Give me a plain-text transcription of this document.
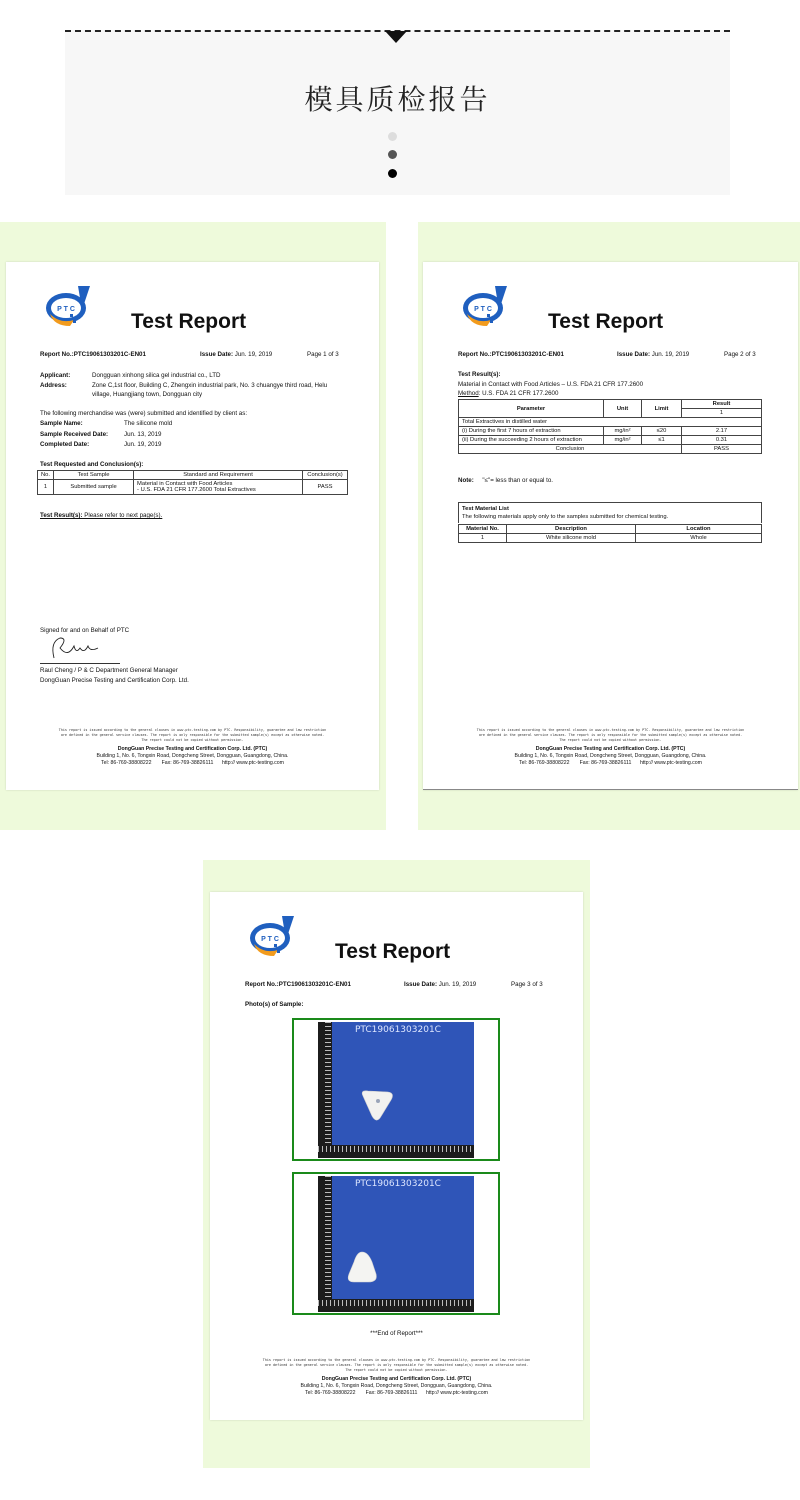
模具质检报告
P T C
Test Report
Report No.:PTC19061303201C-EN01	Issue Date: Jun. 19, 2019	Page 1 of 3
Applicant:	Dongguan xinhong silica gel industrial co., LTD
Address:	Zone C,1st floor, Building C, Zhengxin industrial park, No. 3 chuangye third road, Helu
village, Huangjiang town, Dongguan city
The following merchandise was (were) submitted and identified by client as:
Sample Name:	The silicone mold
Sample Received Date:	Jun. 13, 2019
Completed Date:	Jun. 19, 2019
Test Requested and Conclusion(s):
No.	Test Sample	Standard and Requirement	Conclusion(s)
1	Submitted sample	Material in Contact with Food Articles
- U.S. FDA 21 CFR 177.2600 Total Extractives	PASS
Test Result(s): Please refer to next page(s).
Signed for and on Behalf of PTC
Raul Cheng / P & C Department General Manager
DongGuan Precise Testing and Certification Corp. Ltd.
This report is issued according to the general clauses in www.ptc-testing.com by PTC. Responsibility, guarantee and law restriction
are defined in the general service clauses. The report is only responsible for the submitted sample(s) except as otherwise noted.
The report could not be copied without permission.
DongGuan Precise Testing and Certification Corp. Ltd. (PTC)
Building 1, No. 6, Tongxin Road, Dongcheng Street, Dongguan, Guangdong, China.
Tel: 86-769-38808222 Fax: 86-769-38826111 http:// www.ptc-testing.com
P T C
Test Report
Report No.:PTC19061303201C-EN01	Issue Date: Jun. 19, 2019	Page 2 of 3
Test Result(s):
Material in Contact with Food Articles – U.S. FDA 21 CFR 177.2600
Method: U.S. FDA 21 CFR 177.2600
Parameter	Unit	Limit	Result
			1
Total Extractives in distilled water			
(i) During the first 7 hours of extraction	mg/in²	≤20	2.17
(ii) During the succeeding 2 hours of extraction	mg/in²	≤1	0.31
Conclusion			PASS
Note: "≤"= less than or equal to.
Test Material List
The following materials apply only to the samples submitted for chemical testing.
Material No.	Description	Location
1	White silicone mold	Whole
This report is issued according to the general clauses in www.ptc-testing.com by PTC. Responsibility, guarantee and law restriction
are defined in the general service clauses. The report is only responsible for the submitted sample(s) except as otherwise noted.
The report could not be copied without permission.
DongGuan Precise Testing and Certification Corp. Ltd. (PTC)
Building 1, No. 6, Tongxin Road, Dongcheng Street, Dongguan, Guangdong, China.
Tel: 86-769-38808222 Fax: 86-769-38826111 http:// www.ptc-testing.com
P T C
Test Report
Report No.:PTC19061303201C-EN01	Issue Date: Jun. 19, 2019	Page 3 of 3
Photo(s) of Sample:
PTC19061303201C
PTC19061303201C
***End of Report***
This report is issued according to the general clauses in www.ptc-testing.com by PTC. Responsibility, guarantee and law restriction
are defined in the general service clauses. The report is only responsible for the submitted sample(s) except as otherwise noted.
The report could not be copied without permission.
DongGuan Precise Testing and Certification Corp. Ltd. (PTC)
Building 1, No. 6, Tongxin Road, Dongcheng Street, Dongguan, Guangdong, China.
Tel: 86-769-38808222 Fax: 86-769-38826111 http:// www.ptc-testing.com
